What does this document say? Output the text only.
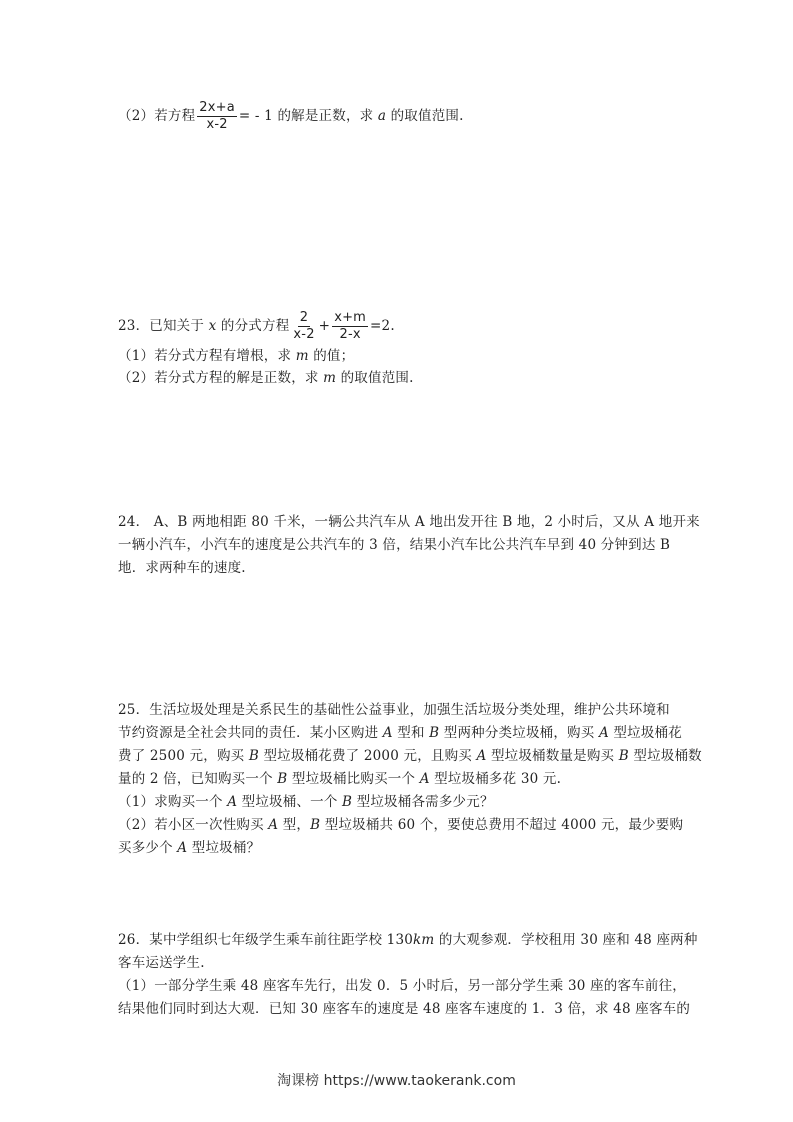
（2）若方程 $\frac{2x+a}{x-2}$ = - 1 的解是正数，求 a 的取值范围.
23．已知关于 x 的分式方程 $\frac{2}{x-2} + \frac{x+m}{2-x} =2$.
（1）若分式方程有增根，求 m 的值；
（2）若分式方程的解是正数，求 m 的取值范围.
24． A、B 两地相距 80 千米，一辆公共汽车从 A 地出发开往 B 地，2 小时后，又从 A 地开来
一辆小汽车，小汽车的速度是公共汽车的 3 倍，结果小汽车比公共汽车早到 40 分钟到达 B
地．求两种车的速度.
25．生活垃圾处理是关系民生的基础性公益事业，加强生活垃圾分类处理，维护公共环境和
节约资源是全社会共同的责任．某小区购进 A 型和 B 型两种分类垃圾桶，购买 A 型垃圾桶花
费了 2500 元，购买 B 型垃圾桶花费了 2000 元，且购买 A 型垃圾桶数量是购买 B 型垃圾桶数
量的 2 倍，已知购买一个 B 型垃圾桶比购买一个 A 型垃圾桶多花 30 元.
（1）求购买一个 A 型垃圾桶、一个 B 型垃圾桶各需多少元？
（2）若小区一次性购买 A 型，B 型垃圾桶共 60 个，要使总费用不超过 4000 元，最少要购
买多少个 A 型垃圾桶？
26．某中学组织七年级学生乘车前往距学校 130km 的大观参观．学校租用 30 座和 48 座两种
客车运送学生.
（1）一部分学生乘 48 座客车先行，出发 0．5 小时后，另一部分学生乘 30 座的客车前往，
结果他们同时到达大观．已知 30 座客车的速度是 48 座客车速度的 1．3 倍，求 48 座客车的
淘课榜 https://www.taokerank.com
